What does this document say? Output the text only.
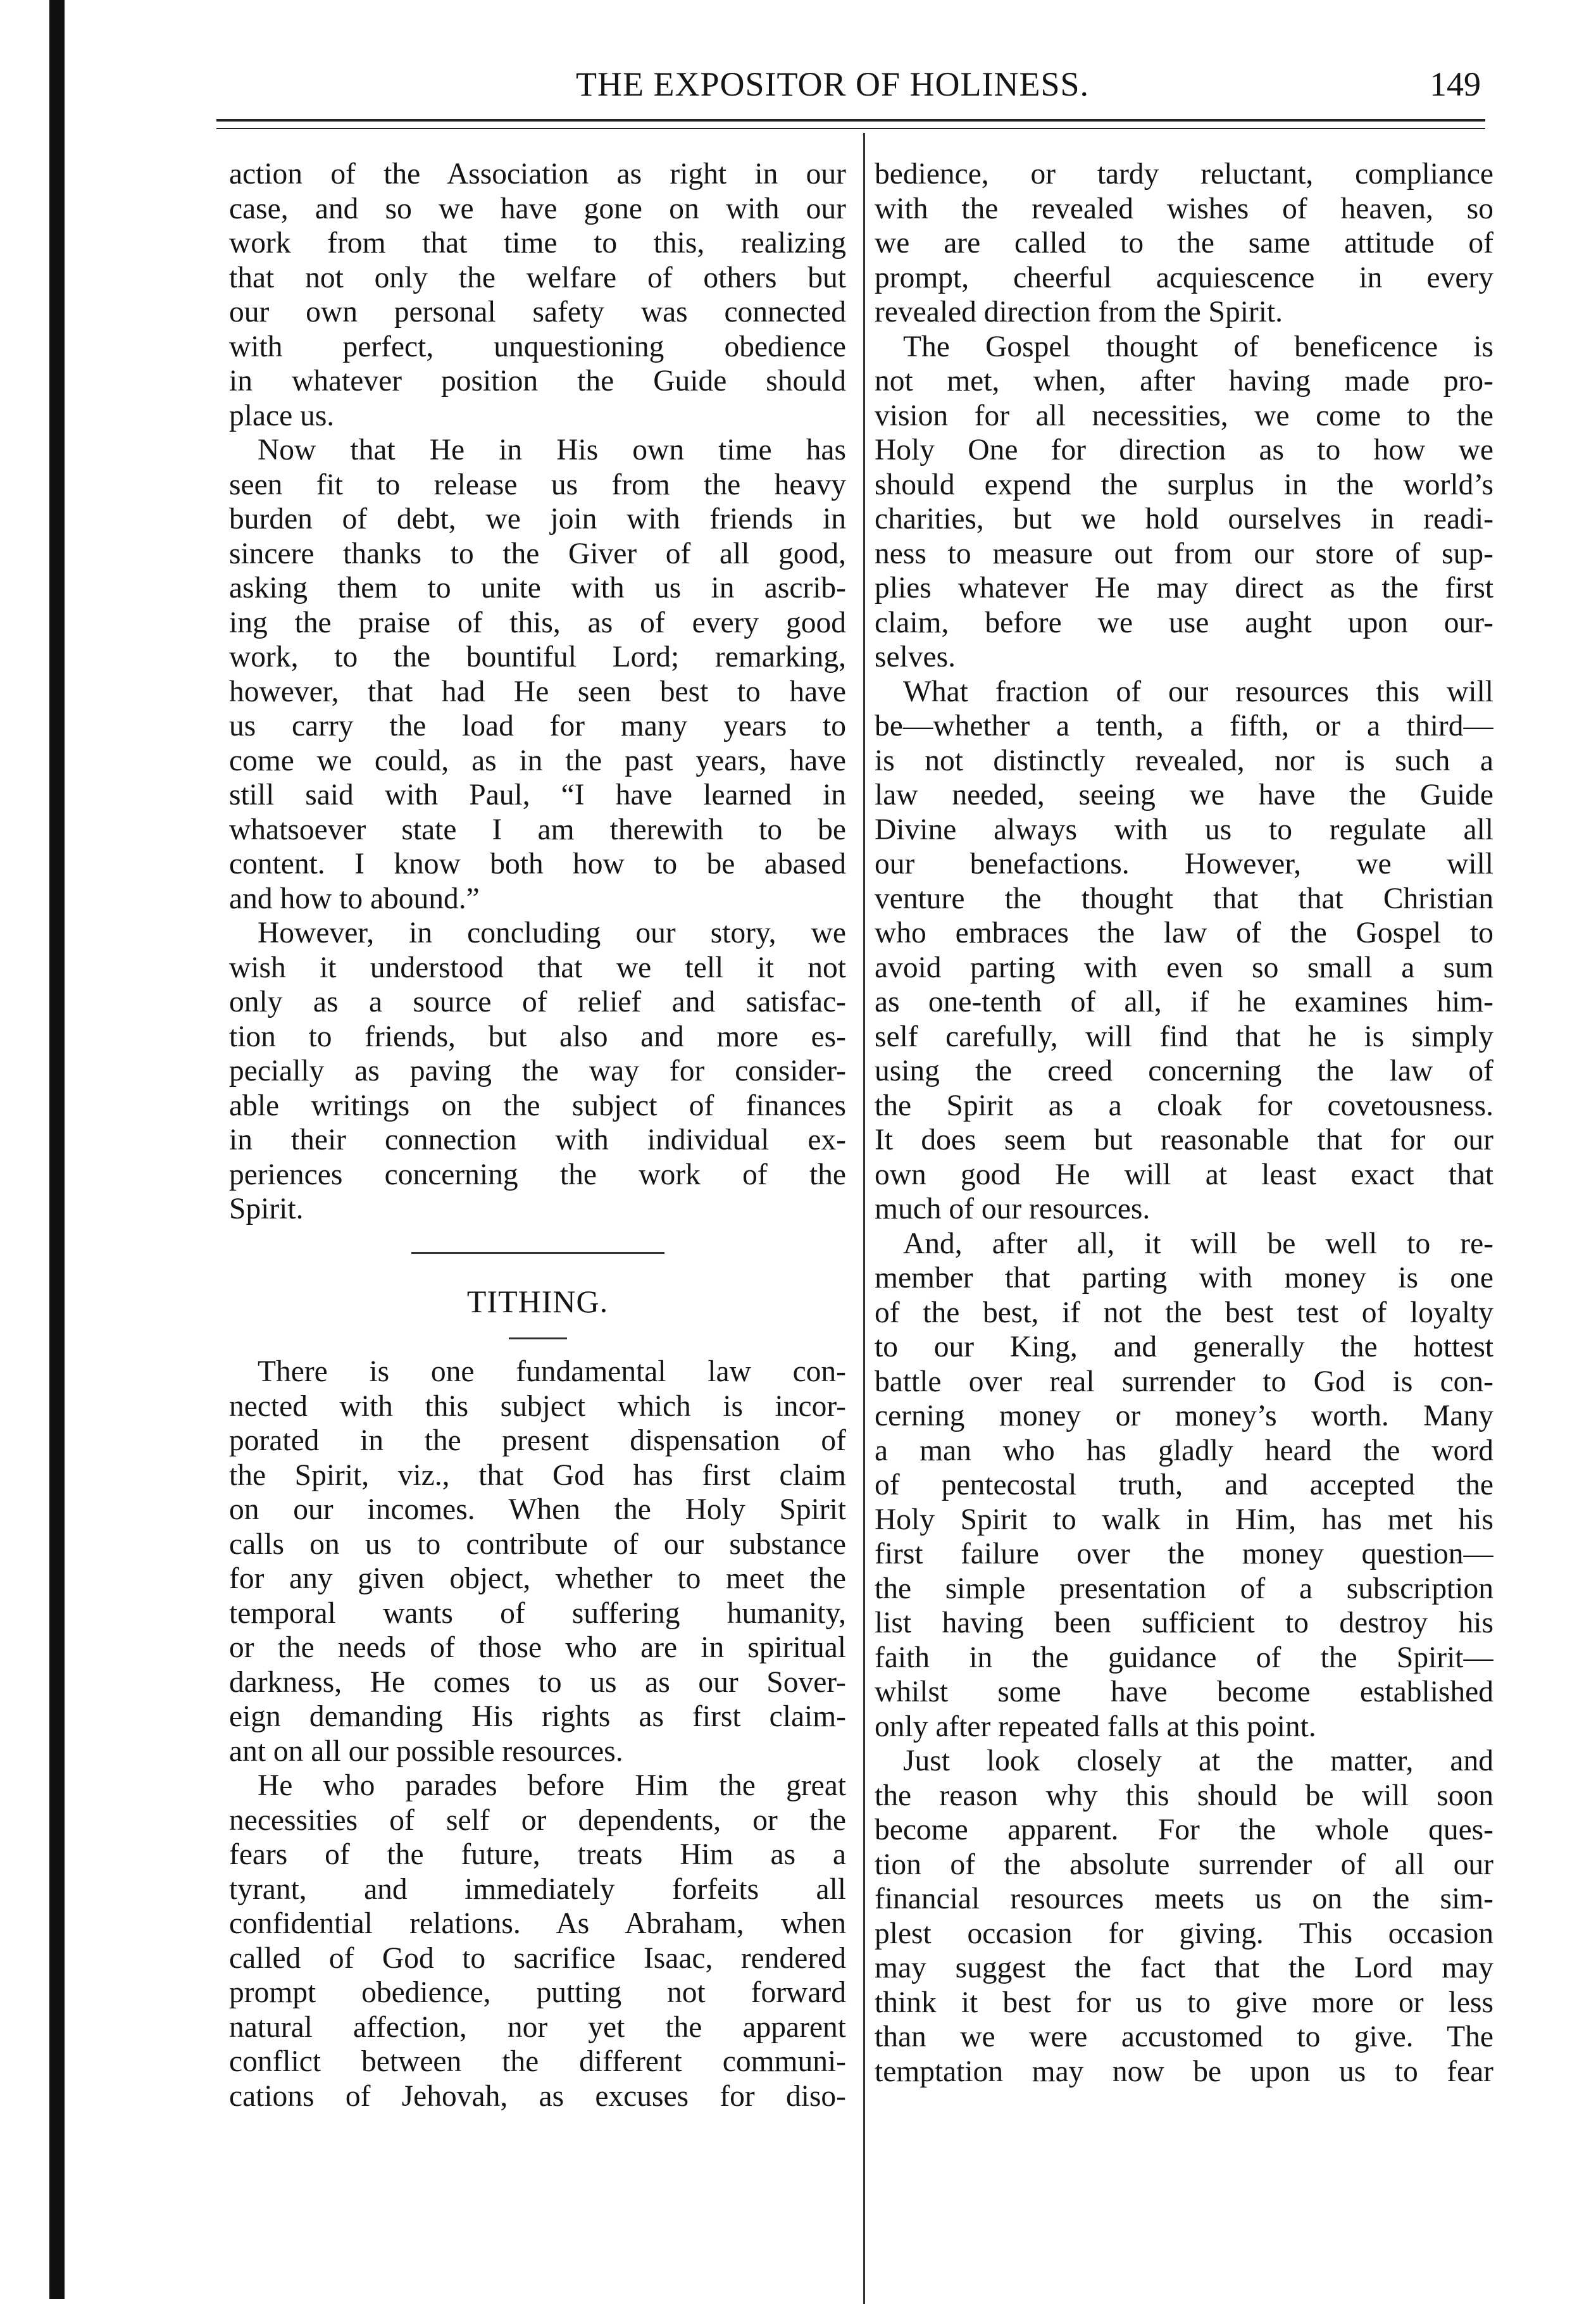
THE EXPOSITOR OF HOLINESS.	149
action of the Association as right in our
case, and so we have gone on with our
work from that time to this, realizing
that not only the welfare of others but
our own personal safety was connected
with perfect, unquestioning obedience
in whatever position the Guide should
place us.
Now that He in His own time has
seen fit to release us from the heavy
burden of debt, we join with friends in
sincere thanks to the Giver of all good,
asking them to unite with us in ascrib-
ing the praise of this, as of every good
work, to the bountiful Lord; remarking,
however, that had He seen best to have
us carry the load for many years to
come we could, as in the past years, have
still said with Paul, “I have learned in
whatsoever state I am therewith to be
content. I know both how to be abased
and how to abound.”
However, in concluding our story, we
wish it understood that we tell it not
only as a source of relief and satisfac-
tion to friends, but also and more es-
pecially as paving the way for consider-
able writings on the subject of finances
in their connection with individual ex-
periences concerning the work of the
Spirit.
TITHING.
There is one fundamental law con-
nected with this subject which is incor-
porated in the present dispensation of
the Spirit, viz., that God has first claim
on our incomes. When the Holy Spirit
calls on us to contribute of our substance
for any given object, whether to meet the
temporal wants of suffering humanity,
or the needs of those who are in spiritual
darkness, He comes to us as our Sover-
eign demanding His rights as first claim-
ant on all our possible resources.
He who parades before Him the great
necessities of self or dependents, or the
fears of the future, treats Him as a
tyrant, and immediately forfeits all
confidential relations. As Abraham, when
called of God to sacrifice Isaac, rendered
prompt obedience, putting not forward
natural affection, nor yet the apparent
conflict between the different communi-
cations of Jehovah, as excuses for diso-
bedience, or tardy reluctant, compliance
with the revealed wishes of heaven, so
we are called to the same attitude of
prompt, cheerful acquiescence in every
revealed direction from the Spirit.
The Gospel thought of beneficence is
not met, when, after having made pro-
vision for all necessities, we come to the
Holy One for direction as to how we
should expend the surplus in the world’s
charities, but we hold ourselves in readi-
ness to measure out from our store of sup-
plies whatever He may direct as the first
claim, before we use aught upon our-
selves.
What fraction of our resources this will
be—whether a tenth, a fifth, or a third—
is not distinctly revealed, nor is such a
law needed, seeing we have the Guide
Divine always with us to regulate all
our benefactions. However, we will
venture the thought that that Christian
who embraces the law of the Gospel to
avoid parting with even so small a sum
as one-tenth of all, if he examines him-
self carefully, will find that he is simply
using the creed concerning the law of
the Spirit as a cloak for covetousness.
It does seem but reasonable that for our
own good He will at least exact that
much of our resources.
And, after all, it will be well to re-
member that parting with money is one
of the best, if not the best test of loyalty
to our King, and generally the hottest
battle over real surrender to God is con-
cerning money or money’s worth. Many
a man who has gladly heard the word
of pentecostal truth, and accepted the
Holy Spirit to walk in Him, has met his
first failure over the money question—
the simple presentation of a subscription
list having been sufficient to destroy his
faith in the guidance of the Spirit—
whilst some have become established
only after repeated falls at this point.
Just look closely at the matter, and
the reason why this should be will soon
become apparent. For the whole ques-
tion of the absolute surrender of all our
financial resources meets us on the sim-
plest occasion for giving. This occasion
may suggest the fact that the Lord may
think it best for us to give more or less
than we were accustomed to give. The
temptation may now be upon us to fear
